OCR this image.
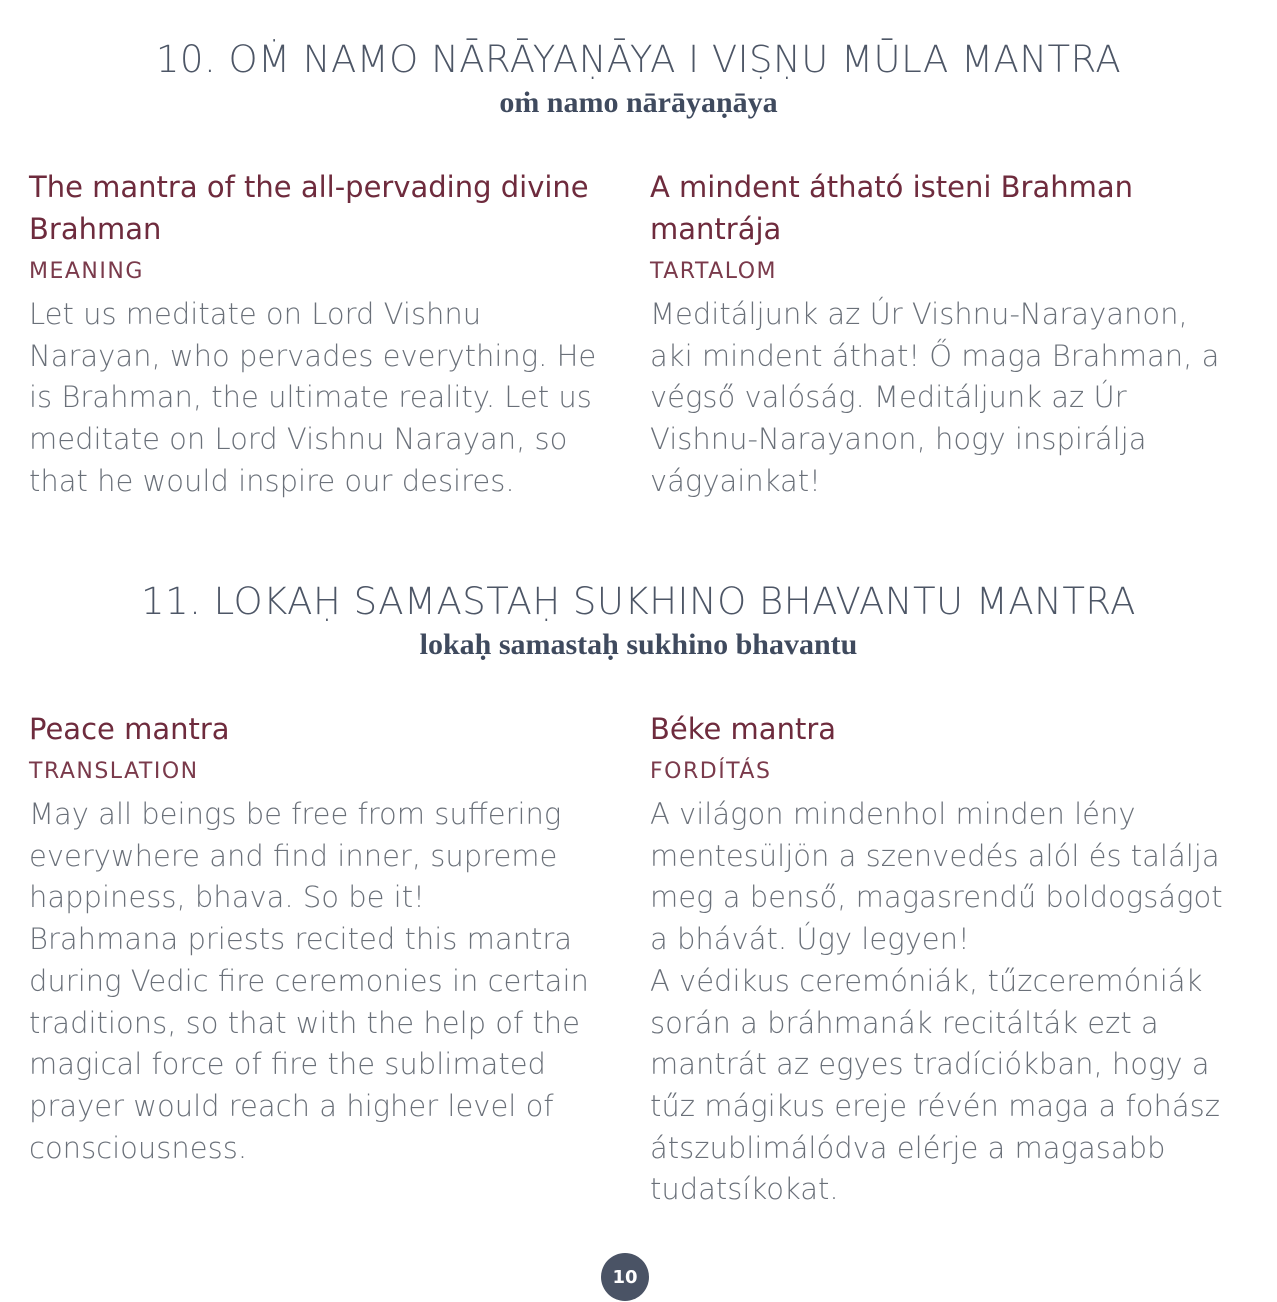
10. OṀ NAMO NĀRĀYAṆĀYA I VIṢṆU MŪLA MANTRA
oṁ namo nārāyaṇāya
The mantra of the all-pervading divine Brahman
MEANING

Let us meditate on Lord Vishnu Narayan, who pervades everything. He is Brahman, the ultimate reality. Let us meditate on Lord Vishnu Narayan, so that he would inspire our desires.

A mindent átható isteni Brahman mantrája
TARTALOM

Meditáljunk az Úr Vishnu-Narayanon, aki mindent áthat! Ő maga Brahman, a végső valóság. Meditáljunk az Úr Vishnu-Narayanon, hogy inspirálja vágyainkat!

11. LOKAḤ SAMASTAḤ SUKHINO BHAVANTU MANTRA
lokaḥ samastaḥ sukhino bhavantu
Peace mantra
TRANSLATION

May all beings be free from suffering everywhere and find inner, supreme happiness, bhava. So be it!

Brahmana priests recited this mantra during Vedic fire ceremonies in certain traditions, so that with the help of the magical force of fire the sublimated prayer would reach a higher level of consciousness.

Béke mantra
FORDÍTÁS

A világon mindenhol minden lény mentesüljön a szenvedés alól és találja meg a benső, magasrendű boldogságot a bhávát. Úgy legyen!

A védikus ceremóniák, tűzceremóniák során a bráhmanák recitálták ezt a mantrát az egyes tradíciókban, hogy a tűz mágikus ereje révén maga a fohász átszublimálódva elérje a magasabb tudatsíkokat.

10
